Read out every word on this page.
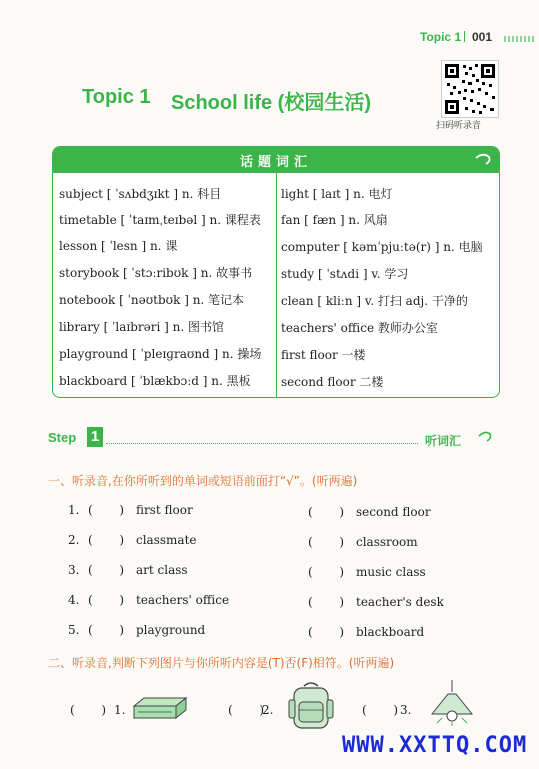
Topic 1 001
扫码听录音
Topic 1 School life (校园生活)
话题词汇
subject [ ˈsʌbdʒɪkt ] n. 科目
timetable [ ˈtaɪmˌteɪbəl ] n. 课程表
lesson [ ˈlesn ] n. 课
storybook [ ˈstɔːribʊk ] n. 故事书
notebook [ ˈnəʊtbʊk ] n. 笔记本
library [ ˈlaɪbrəri ] n. 图书馆
playground [ ˈpleɪɡraʊnd ] n. 操场
blackboard [ ˈblækbɔːd ] n. 黑板
light [ laɪt ] n. 电灯
fan [ fæn ] n. 风扇
computer [ kəmˈpjuːtə(r) ] n. 电脑
study [ ˈstʌdi ] v. 学习
clean [ kliːn ] v. 打扫 adj. 干净的
teachers' office 教师办公室
first floor 一楼
second floor 二楼
Step 1	听词汇
一、听录音,在你所听到的单词或短语前面打“√”。(听两遍)
1. (       ) first floor	(       ) second floor
2. (       ) classmate	(       ) classroom
3. (       ) art class	(       ) music class
4. (       ) teachers' office	(       ) teacher's desk
5. (       ) playground	(       ) blackboard
二、听录音,判断下列图片与你所听内容是(T)否(F)相符。(听两遍)
(       ) 1.	(       )
2.	(       ) 3.
WWW.XXTTQ.COM
